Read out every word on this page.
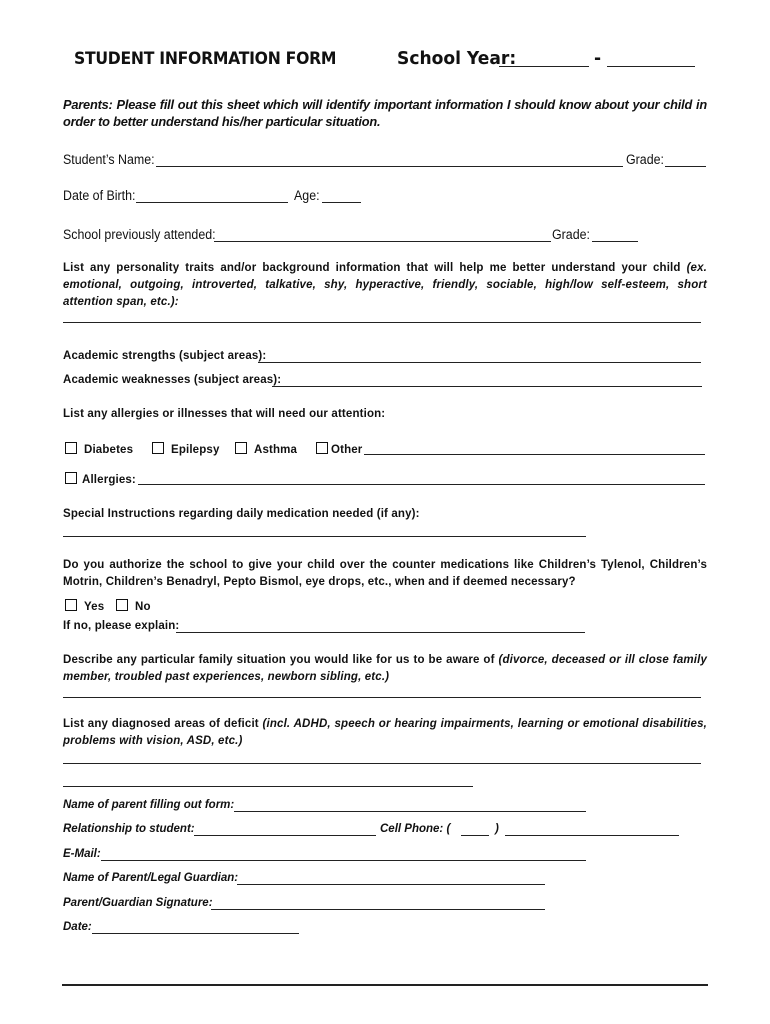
STUDENT INFORMATION FORM	School Year:	-
Parents: Please fill out this sheet which will identify important information I should know about your child in order to better understand his/her particular situation.
Student’s Name:	Grade:
Date of Birth:	Age:
School previously attended:	Grade:
List any personality traits and/or background information that will help me better understand your child (ex. emotional, outgoing, introverted, talkative, shy, hyperactive, friendly, sociable, high/low self-esteem, short attention span, etc.):
Academic strengths (subject areas):
Academic weaknesses (subject areas):
List any allergies or illnesses that will need our attention:
Diabetes	Epilepsy	Asthma	Other
Allergies:
Special Instructions regarding daily medication needed (if any):
Do you authorize the school to give your child over the counter medications like Children’s Tylenol, Children’s Motrin, Children’s Benadryl, Pepto Bismol, eye drops, etc., when and if deemed necessary?
Yes	No
If no, please explain:
Describe any particular family situation you would like for us to be aware of (divorce, deceased or ill close family member, troubled past experiences, newborn sibling, etc.)
List any diagnosed areas of deficit (incl. ADHD, speech or hearing impairments, learning or emotional disabilities, problems with vision, ASD, etc.)
Name of parent filling out form:
Relationship to student:	Cell Phone: (	)
E-Mail:
Name of Parent/Legal Guardian:
Parent/Guardian Signature:
Date:
